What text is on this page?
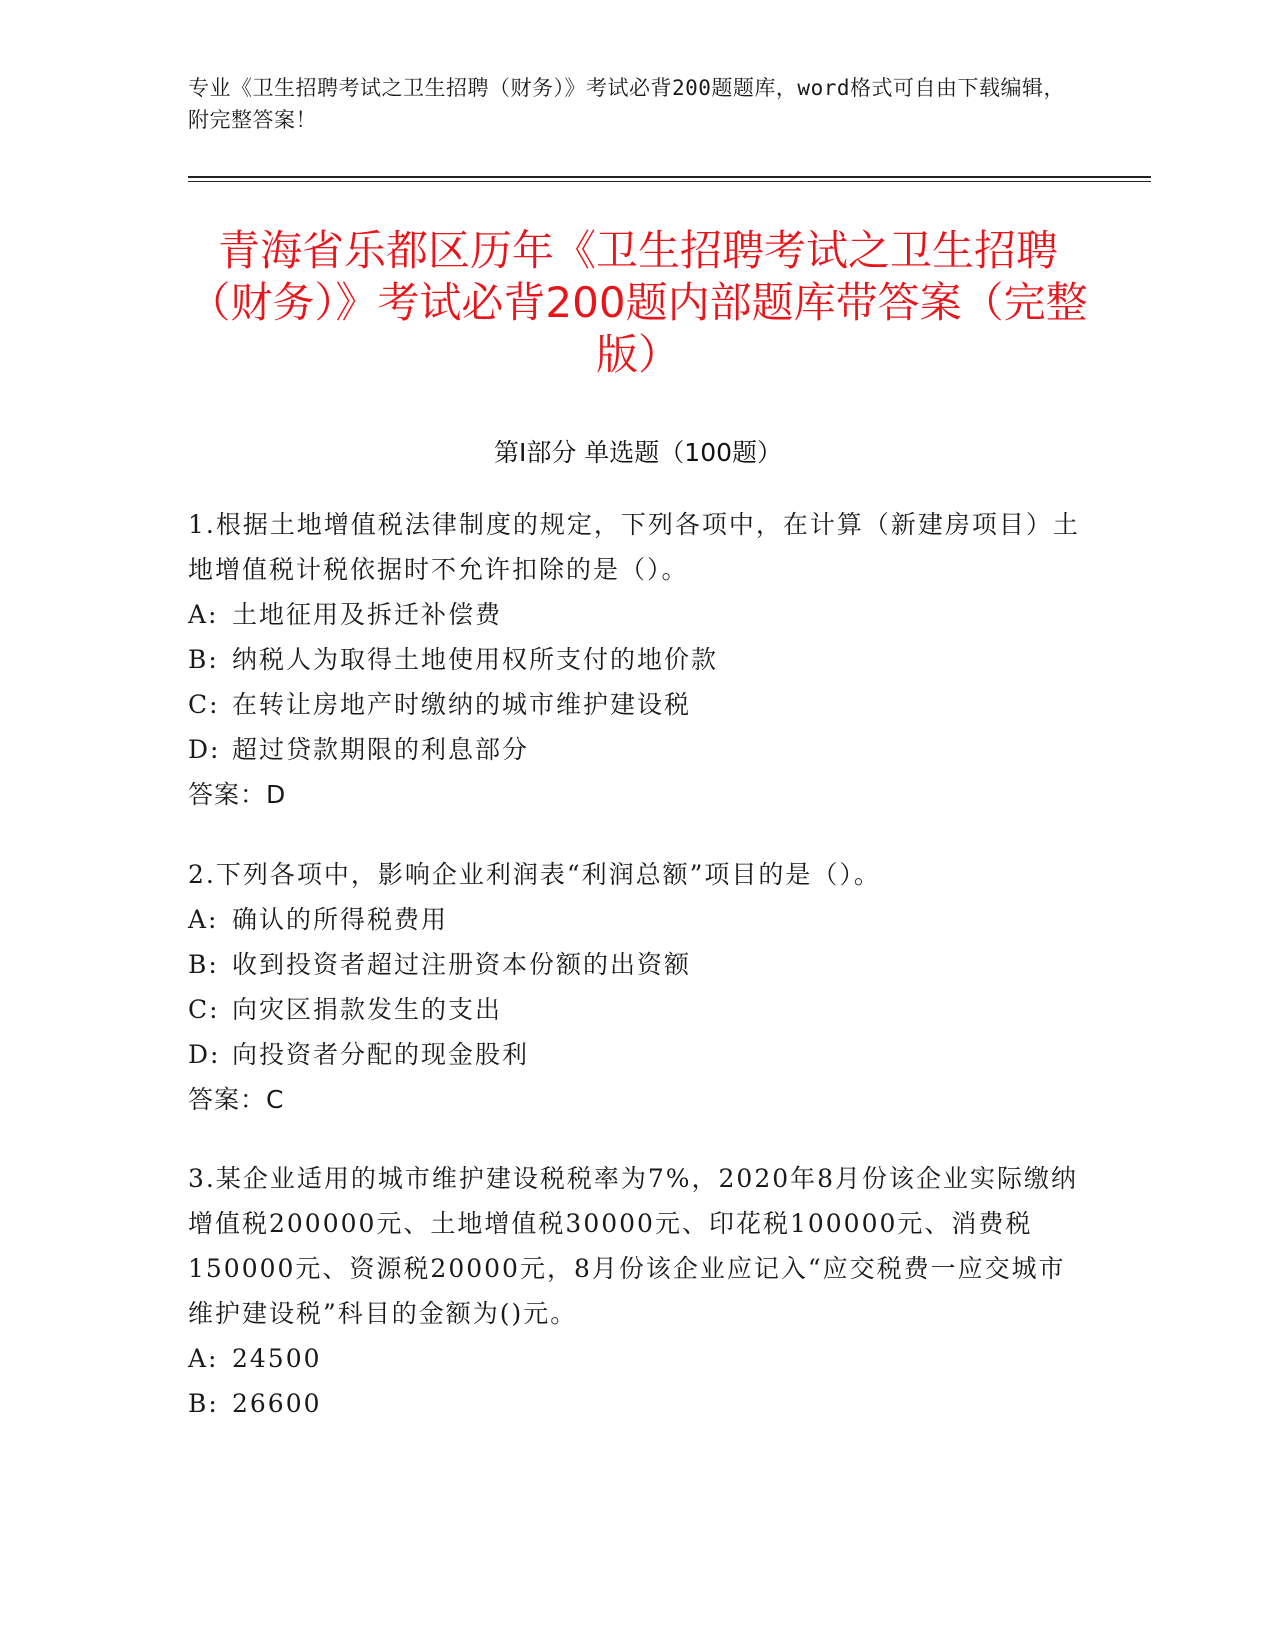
专业《卫生招聘考试之卫生招聘（财务）》考试必背200题题库，word格式可自由下载编辑，附完整答案！
青海省乐都区历年《卫生招聘考试之卫生招聘（财务）》考试必背200题内部题库带答案（完整版）
第Ⅰ部分 单选题（100题）
1.根据土地增值税法律制度的规定，下列各项中，在计算（新建房项目）土地增值税计税依据时不允许扣除的是（）。
A: 土地征用及拆迁补偿费
B: 纳税人为取得土地使用权所支付的地价款
C: 在转让房地产时缴纳的城市维护建设税
D: 超过贷款期限的利息部分
答案：D
2.下列各项中，影响企业利润表“利润总额”项目的是（）。
A: 确认的所得税费用
B: 收到投资者超过注册资本份额的出资额
C: 向灾区捐款发生的支出
D: 向投资者分配的现金股利
答案：C
3.某企业适用的城市维护建设税税率为7%，2020年8月份该企业实际缴纳增值税200000元、土地增值税30000元、印花税100000元、消费税150000元、资源税20000元，8月份该企业应记入“应交税费一应交城市维护建设税”科目的金额为()元。
A: 24500
B: 26600
